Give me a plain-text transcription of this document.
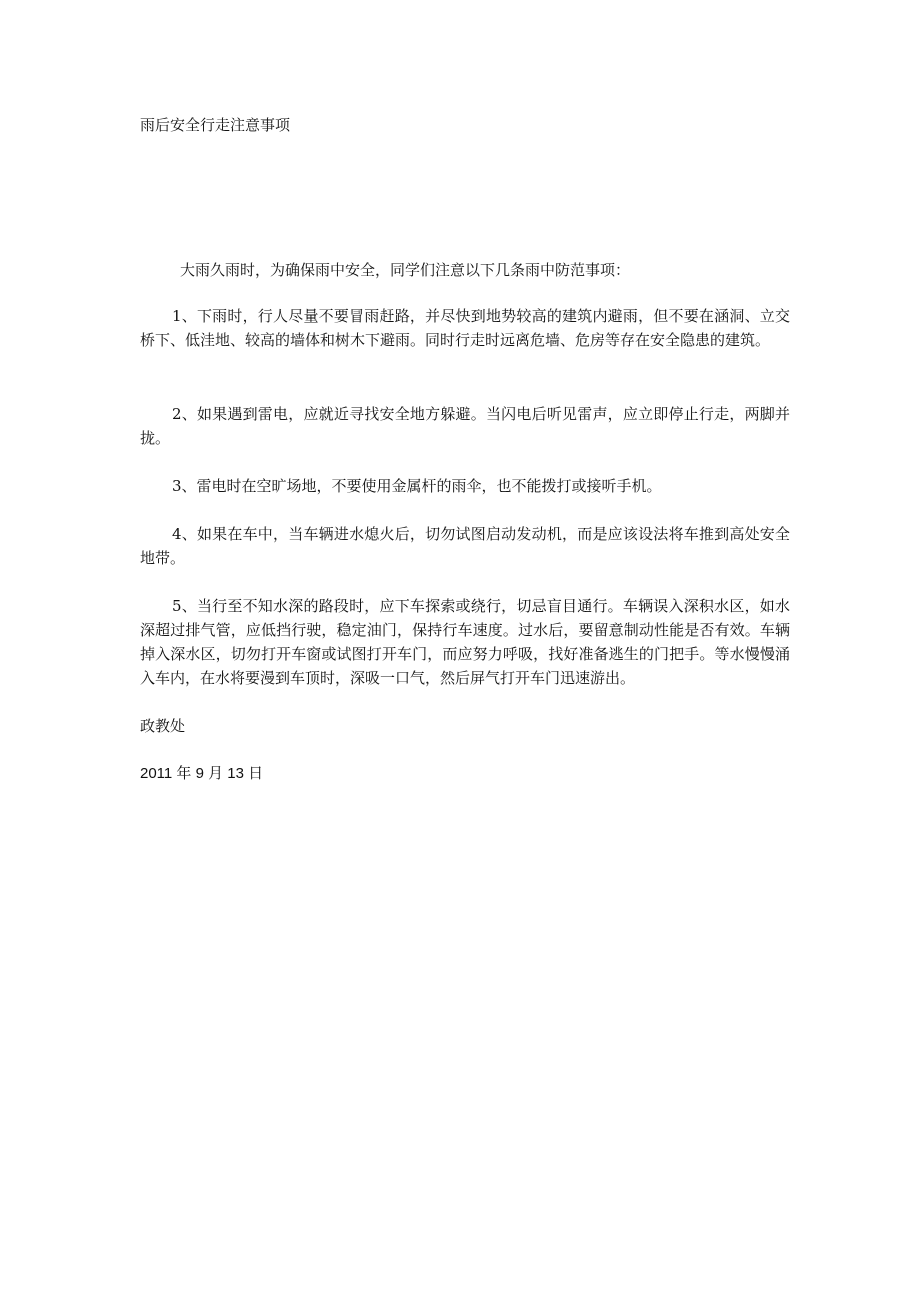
雨后安全行走注意事项

大雨久雨时，为确保雨中安全，同学们注意以下几条雨中防范事项：

1、下雨时，行人尽量不要冒雨赶路，并尽快到地势较高的建筑内避雨，但不要在涵洞、立交桥下、低洼地、较高的墙体和树木下避雨。同时行走时远离危墙、危房等存在安全隐患的建筑。

2、如果遇到雷电，应就近寻找安全地方躲避。当闪电后听见雷声，应立即停止行走，两脚并拢。

3、雷电时在空旷场地，不要使用金属杆的雨伞，也不能拨打或接听手机。

4、如果在车中，当车辆进水熄火后，切勿试图启动发动机，而是应该设法将车推到高处安全地带。

5、当行至不知水深的路段时，应下车探索或绕行，切忌盲目通行。车辆误入深积水区，如水深超过排气管，应低挡行驶，稳定油门，保持行车速度。过水后，要留意制动性能是否有效。车辆掉入深水区，切勿打开车窗或试图打开车门，而应努力呼吸，找好准备逃生的门把手。等水慢慢涌入车内，在水将要漫到车顶时，深吸一口气，然后屏气打开车门迅速游出。

政教处
2011 年 9 月 13 日
